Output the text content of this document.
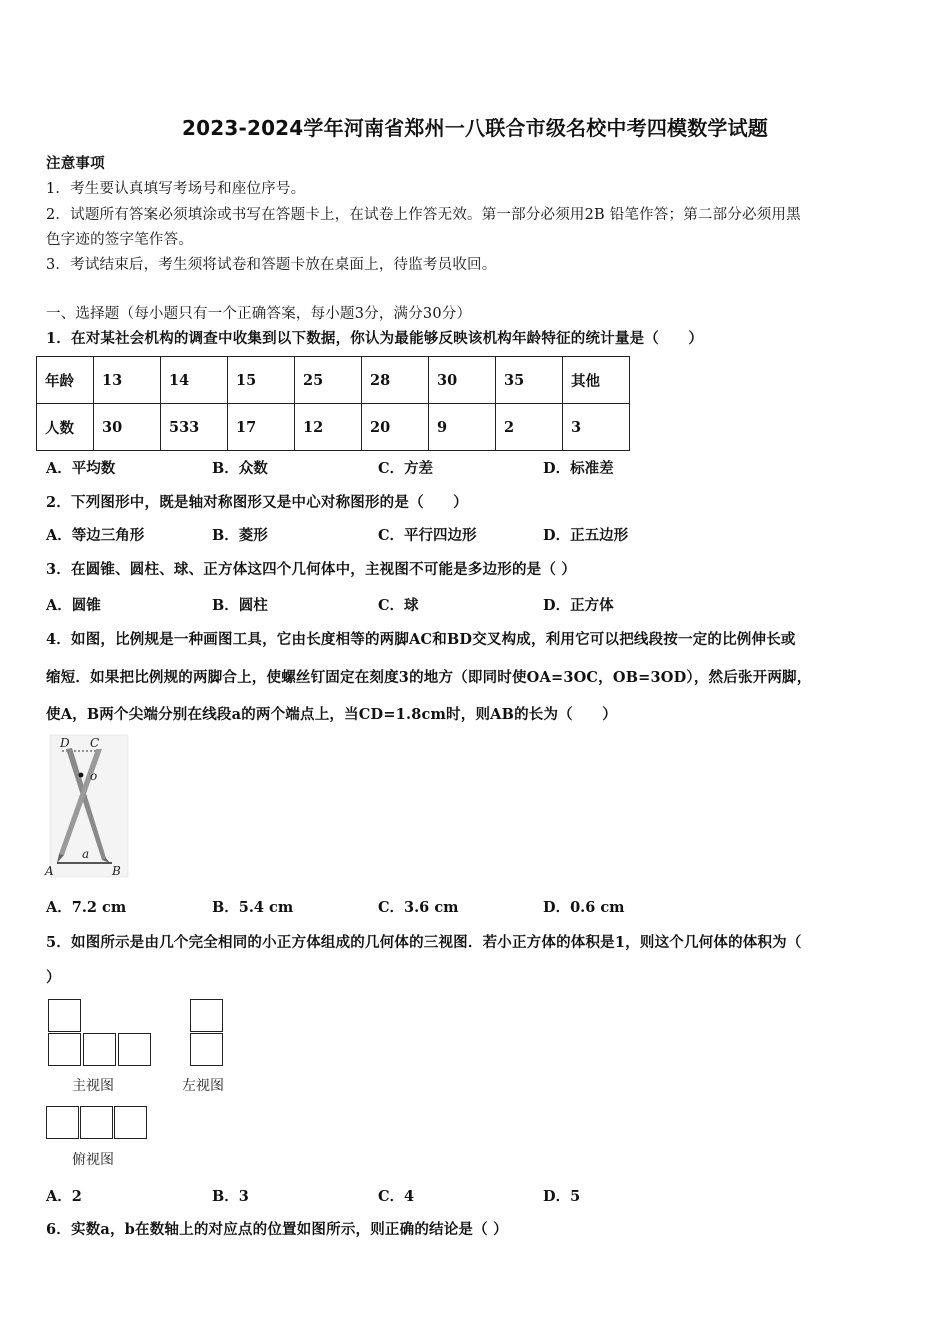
2023-2024学年河南省郑州一八联合市级名校中考四模数学试题
注意事项
1．考生要认真填写考场号和座位序号。
2．试题所有答案必须填涂或书写在答题卡上，在试卷上作答无效。第一部分必须用2B 铅笔作答；第二部分必须用黑
色字迹的签字笔作答。
3．考试结束后，考生须将试卷和答题卡放在桌面上，待监考员收回。
一、选择题（每小题只有一个正确答案，每小题3分，满分30分）
1．在对某社会机构的调查中收集到以下数据，你认为最能够反映该机构年龄特征的统计量是（　　）
年龄	13	14	15	25	28	30	35	其他
人数	30	533	17	12	20	9	2	3
A．平均数	B．众数	C．方差	D．标准差
2．下列图形中，既是轴对称图形又是中心对称图形的是（　　）
A．等边三角形	B．菱形	C．平行四边形	D．正五边形
3．在圆锥、圆柱、球、正方体这四个几何体中，主视图不可能是多边形的是（ ）
A．圆锥	B．圆柱	C．球	D．正方体
4．如图，比例规是一种画图工具，它由长度相等的两脚AC和BD交叉构成，利用它可以把线段按一定的比例伸长或
缩短．如果把比例规的两脚合上，使螺丝钉固定在刻度3的地方（即同时使OA=3OC，OB=3OD），然后张开两脚，
使A，B两个尖端分别在线段a的两个端点上，当CD=1.8cm时，则AB的长为（　　）
D C
o
a
A	B
A．7.2 cm	B．5.4 cm	C．3.6 cm	D．0.6 cm
5．如图所示是由几个完全相同的小正方体组成的几何体的三视图．若小正方体的体积是1，则这个几何体的体积为（
）
主视图	左视图
俯视图
A．2	B．3	C．4	D．5
6．实数a，b在数轴上的对应点的位置如图所示，则正确的结论是（ ）
